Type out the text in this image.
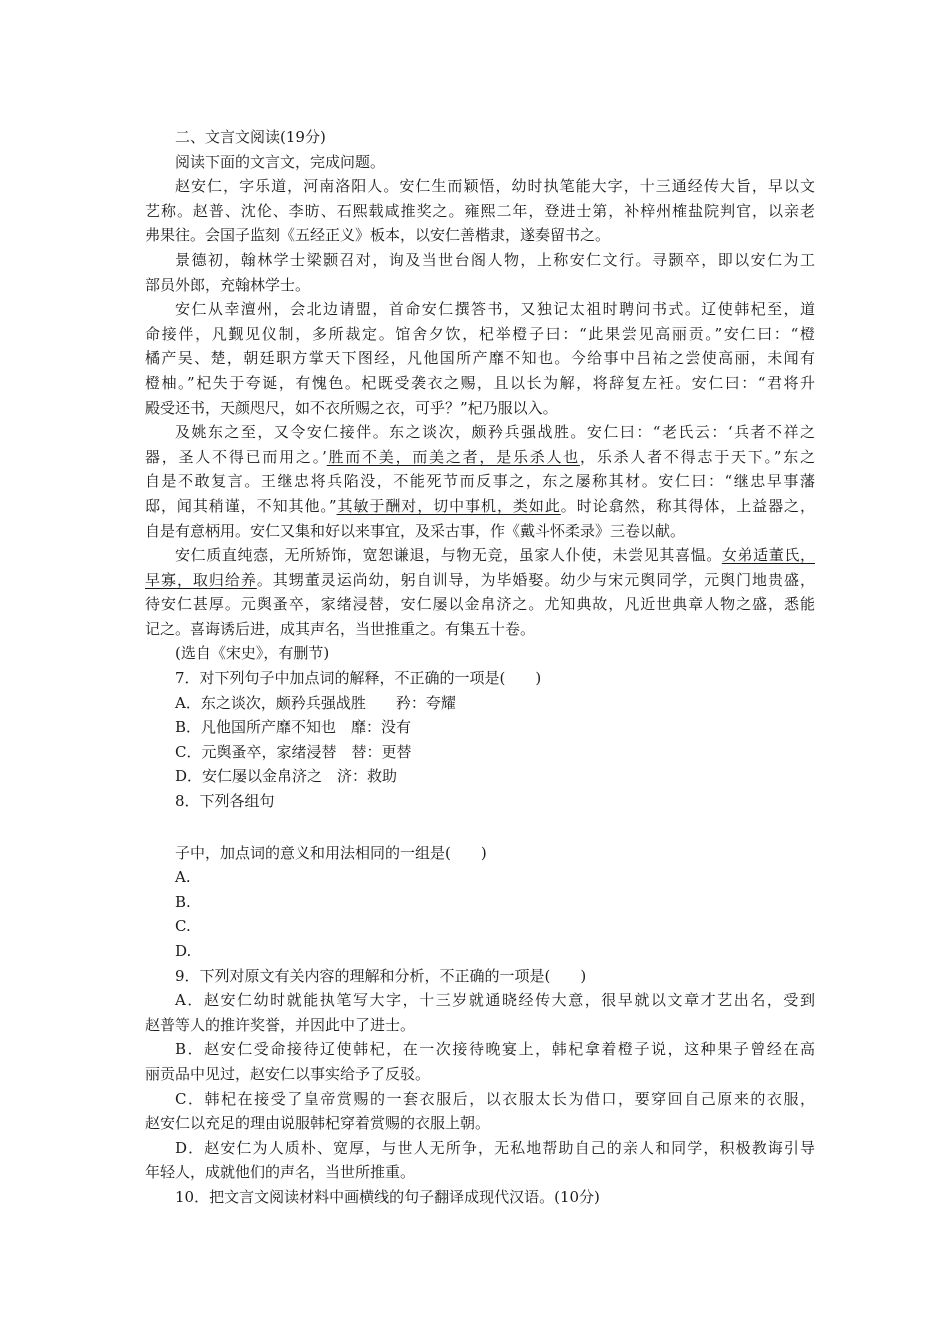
二、文言文阅读(19分)
阅读下面的文言文，完成问题。
赵安仁，字乐道，河南洛阳人。安仁生而颖悟，幼时执笔能大字，十三通经传大旨，早以文
艺称。赵普、沈伦、李昉、石熙载咸推奖之。雍熙二年，登进士第，补梓州榷盐院判官，以亲老
弗果往。会国子监刻《五经正义》板本，以安仁善楷隶，遂奏留书之。
景德初，翰林学士梁颢召对，询及当世台阁人物，上称安仁文行。寻颢卒，即以安仁为工
部员外郎，充翰林学士。
安仁从幸澶州，会北边请盟，首命安仁撰答书，又独记太祖时聘问书式。辽使韩杞至，道
命接伴，凡觐见仪制，多所裁定。馆舍夕饮，杞举橙子曰：“此果尝见高丽贡。”安仁曰：“橙
橘产吴、楚，朝廷职方掌天下图经，凡他国所产靡不知也。今给事中吕祐之尝使高丽，未闻有
橙柚。”杞失于夸诞，有愧色。杞既受袭衣之赐，且以长为解，将辞复左衽。安仁曰：“君将升
殿受还书，天颜咫尺，如不衣所赐之衣，可乎？”杞乃服以入。
及姚东之至，又令安仁接伴。东之谈次，颇矜兵强战胜。安仁曰：“老氏云：‘兵者不祥之
器，圣人不得已而用之。’胜而不美，而美之者，是乐杀人也，乐杀人者不得志于天下。”东之
自是不敢复言。王继忠将兵陷没，不能死节而反事之，东之屡称其材。安仁曰：“继忠早事藩
邸，闻其稍谨，不知其他。”其敏于酬对，切中事机，类如此。时论翕然，称其得体，上益器之，
自是有意柄用。安仁又集和好以来事宜，及采古事，作《戴斗怀柔录》三卷以献。
安仁质直纯悫，无所矫饰，宽恕谦退，与物无竞，虽家人仆使，未尝见其喜愠。女弟适董氏，
早寡，取归给养。其甥董灵运尚幼，躬自训导，为毕婚娶。幼少与宋元舆同学，元舆门地贵盛，
待安仁甚厚。元舆蚤卒，家绪浸替，安仁屡以金帛济之。尤知典故，凡近世典章人物之盛，悉能
记之。喜诲诱后进，成其声名，当世推重之。有集五十卷。
(选自《宋史》，有删节)
7．对下列句子中加点词的解释，不正确的一项是(　　)
A．东之谈次，颇矜兵强战胜　　矜：夸耀
B．凡他国所产靡不知也　靡：没有
C．元舆蚤卒，家绪浸替　替：更替
D．安仁屡以金帛济之　济：救助
8．下列各组句
子中，加点词的意义和用法相同的一组是(　　)
A.
B.
C.
D.
9．下列对原文有关内容的理解和分析，不正确的一项是(　　)
A．赵安仁幼时就能执笔写大字，十三岁就通晓经传大意，很早就以文章才艺出名，受到
赵普等人的推许奖誉，并因此中了进士。
B．赵安仁受命接待辽使韩杞，在一次接待晚宴上，韩杞拿着橙子说，这种果子曾经在高
丽贡品中见过，赵安仁以事实给予了反驳。
C．韩杞在接受了皇帝赏赐的一套衣服后，以衣服太长为借口，要穿回自己原来的衣服，
赵安仁以充足的理由说服韩杞穿着赏赐的衣服上朝。
D．赵安仁为人质朴、宽厚，与世人无所争，无私地帮助自己的亲人和同学，积极教诲引导
年轻人，成就他们的声名，当世所推重。
10．把文言文阅读材料中画横线的句子翻译成现代汉语。(10分)
